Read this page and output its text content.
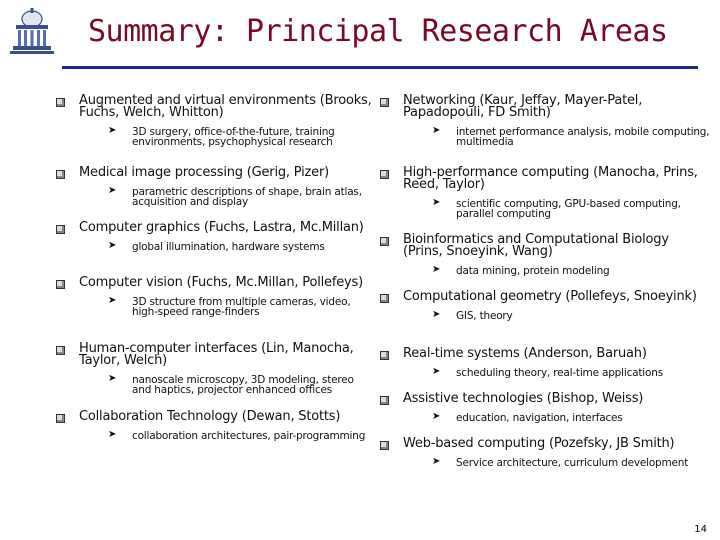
Summary: Principal Research Areas
Augmented and virtual environments (Brooks, Fuchs, Welch, Whitton)
➤ 3D surgery, office-of-the-future, training environments, psychophysical research
Medical image processing (Gerig, Pizer)
➤ parametric descriptions of shape, brain atlas, acquisition and display
Computer graphics (Fuchs, Lastra, Mc.Millan)
➤ global illumination, hardware systems
Computer vision (Fuchs, Mc.Millan, Pollefeys)
➤ 3D structure from multiple cameras, video, high-speed range-finders
Human-computer interfaces (Lin, Manocha, Taylor, Welch)
➤ nanoscale microscopy, 3D modeling, stereo and haptics, projector enhanced offices
Collaboration Technology (Dewan, Stotts)
➤ collaboration architectures, pair-programming
Networking (Kaur, Jeffay, Mayer-Patel, Papadopouli, FD Smith)
➤ internet performance analysis, mobile computing, multimedia
High-performance computing (Manocha, Prins, Reed, Taylor)
➤ scientific computing, GPU-based computing, parallel computing
Bioinformatics and Computational Biology (Prins, Snoeyink, Wang)
➤ data mining, protein modeling
Computational geometry (Pollefeys, Snoeyink)
➤ GIS, theory
Real-time systems (Anderson, Baruah)
➤ scheduling theory, real-time applications
Assistive technologies (Bishop, Weiss)
➤ education, navigation, interfaces
Web-based computing (Pozefsky, JB Smith)
➤ Service architecture, curriculum development
14
